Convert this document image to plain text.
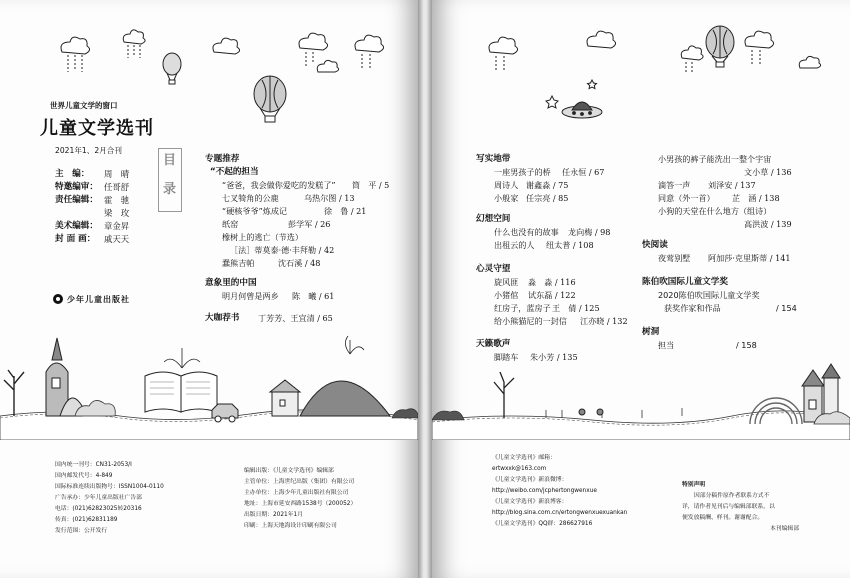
世界儿童文学的窗口
儿童文学选刊
2021年1、2月合刊
主　编： 周　晴
特邀编审： 任哥舒
责任编辑： 霍　驰
梁　玫
美术编辑： 章金昇
封 面 画： 戚天天
少年儿童出版社
目
录
专题推荐
“不起的担当
“爸爸，我会做你爱吃的发糕了” 筒　平 / 5
七叉犄角的公鹿	乌热尔图 / 13
“硬核爷爷”炼成记	徐　鲁 / 21
纸窑	彭学军 / 26
橡树上的逃亡（节选）
［法］蒂莫泰·德·丰拜勒 / 42
蠢熊吉帕	沈石溪 / 48
意象里的中国
明月何曾是两乡 陈　曦 / 61
大咖荐书 丁芳芳、王宜清 / 65
国内统一刊号：CN31-2053/I
国内邮发代号：4-849
国际标准连续出版物号：ISSN1004-0110
广告承办：少年儿童出版社广告部
电话：(021)62823025转20316
传真：(021)62831189
发行范围：公开发行
编辑出版：《儿童文学选刊》编辑部
主管单位：上海世纪出版（集团）有限公司
主办单位：上海少年儿童出版社有限公司
地址：上海市延安西路1538号（200052）
出版日期：2021年1月
印刷：上海天地海设计印刷有限公司
写实地带
一座男孩子的桥 任永恒 / 67
周诗人 谢鑫淼 / 75
小般家 任宗亮 / 85
幻想空间
什么也没有的故事 龙向梅 / 98
出租云的人 纽太普 / 108
心灵守望
旋风匪 淼　淼 / 116
小猪倌 试东磊 / 122
红房子，蓝房子 王　倩 / 125
给小熊猫尼的一封信 江亦晓 / 132
天籁歌声
脚踏车 朱小芳 / 135
小男孩的裤子能洗出一整个宇宙
文小草 / 136
滴答一声 刘泽安 / 137
同意（外一首） 芷　涵 / 138
小狗的天堂在什么地方（组诗）
高洪波 / 139
快阅读
夜莺别墅 阿加莎·克里斯蒂 / 141
陈伯吹国际儿童文学奖
2020陈伯吹国际儿童文学奖
获奖作家和作品	/ 154
树洞
担当	/ 158
《儿童文学选刊》邮箱：
ertwxxk@163.com
《儿童文学选刊》新浪微博：
http://weibo.com/jcphertongwenxue
《儿童文学选刊》新浪博客：
http://blog.sina.com.cn/ertongwenxuexuankan
《儿童文学选刊》QQ群：286627916
特别声明
因部分稿件原作者联系方式不
详，请作者见刊后与编辑部联系，以
便发放稿酬、样刊。谢谢配合。
本刊编辑部
